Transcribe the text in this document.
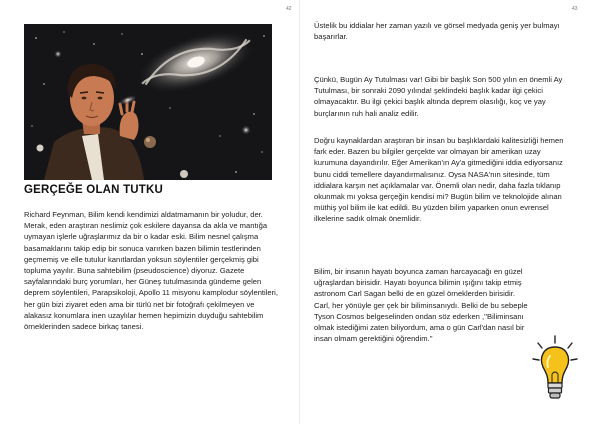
42
GERÇEĞE OLAN TUTKU

Richard Feynman, Bilim kendi kendimizi aldatmamanın bir yoludur, der. Merak, eden araştıran neslimiz çok eskilere dayansa da akla ve mantığa uymayan işlerle uğraşlarımız da bir o kadar eski. Bilim nesnel çalışma basamaklarını takip edip bir sonuca varırken bazen bilimin testlerinden geçmemiş ve elle tutulur kanıtlardan yoksun söylentiler gerçekmiş gibi topluma yayılır. Buna sahtebilim (pseudoscience) diyoruz. Gazete sayfalarındaki burç yorumları, her Güneş tutulmasında gündeme gelen deprem söylentileri, Parapsikoloji, Apollo 11 misyonu kamplodur söylentileri, her gün bizi ziyaret eden ama bir türlü net bir fotoğrafı çekilmeyen ve alakasız konumlara inen uzaylılar hemen hepimizin duyduğu sahtebilim örneklerinden sadece birkaç tanesi.

43

Üstelik bu iddialar her zaman yazılı ve görsel medyada geniş yer bulmayı başarırlar.

Çünkü, Bugün Ay Tutulması var! Gibi bir başlık Son 500 yılın en önemli Ay Tutulması, bir sonraki 2090 yılında! şeklindeki başlık kadar ilgi çekici olmayacaktır. Bu ilgi çekici başlık altında deprem olasılığı, koç ve yay burçlarının ruh hali analiz edilir.

Doğru kaynaklardan araştıran bir insan bu başlıklardaki kalitesizliği hemen fark eder. Bazen bu bilgiler gerçekte var olmayan bir amerikan uzay kurumuna dayandırılır. Eğer Amerikan'ın Ay'a gitmediğini iddia ediyorsanız bunu ciddi temellere dayandırmalısınız. Oysa NASA'nın sitesinde, tüm iddialara karşın net açıklamalar var. Önemli olan nedir, daha fazla tıklanıp okunmak mı yoksa gerçeğin kendisi mi? Bugün bilim ve teknolojide alınan müthiş yol bilim ile kat edildi. Bu yüzden bilim yaparken onun evrensel ilkelerine sadık olmak önemlidir.

Bilim, bir insanın hayatı boyunca zaman harcayacağı en güzel uğraşlardan birisidir. Hayatı boyunca bilimin ışığını takip etmiş astronom Carl Sagan belki de en güzel örneklerden birisidir. Carl, her yönüyle ger çek bir biliminsanıydı. Belki de bu sebeple Tyson Cosmos belgeselinden ondan söz ederken ,''Biliminsanı olmak istediğimi zaten biliyordum, ama o gün Carl'dan nasıl bir insan olmam gerektiğini öğrendim.''
